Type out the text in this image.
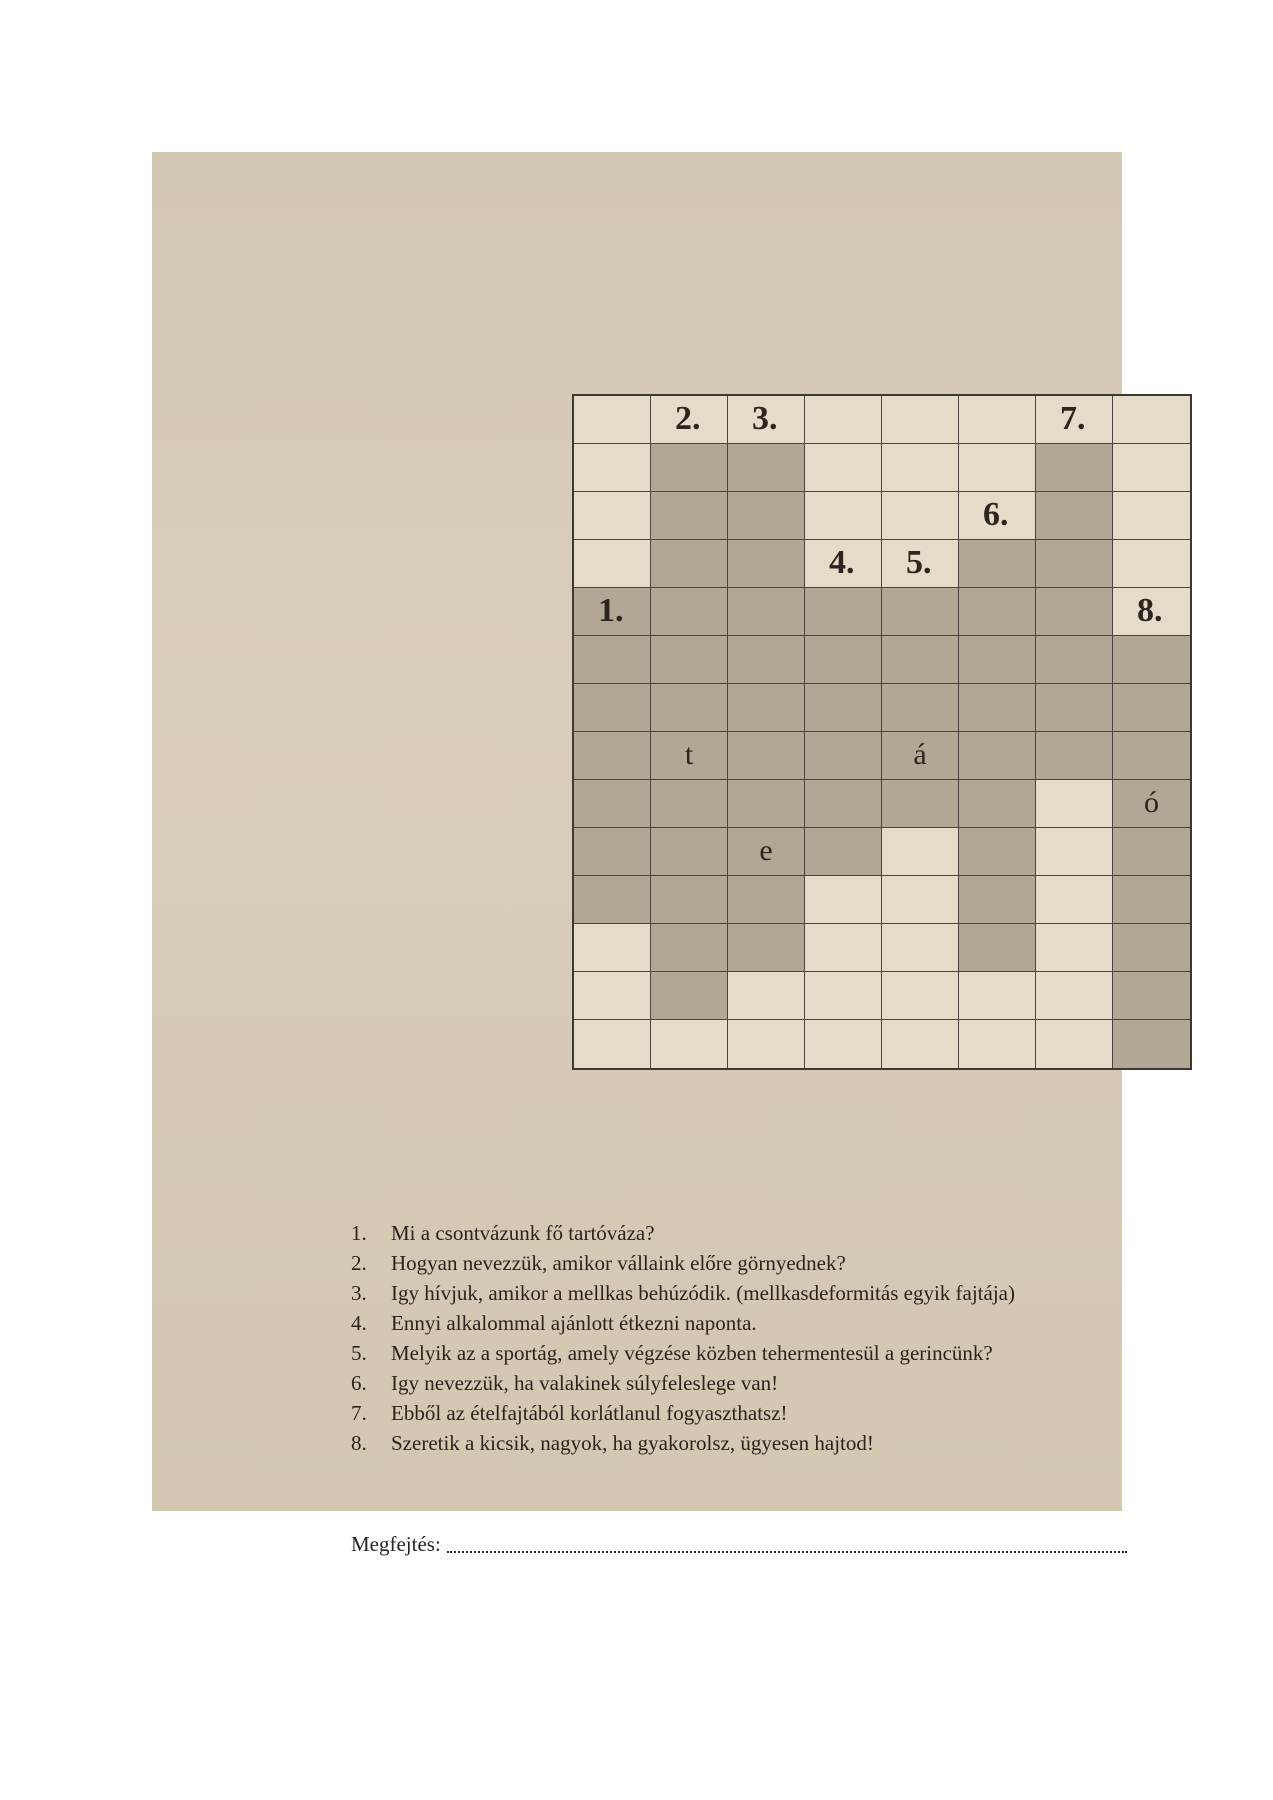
2. 3.	7.
6.
4. 5.
1.	8.
t	á
ó
e
1. Mi a csontvázunk fő tartóváza?
2. Hogyan nevezzük, amikor vállaink előre görnyednek?
3. Igy hívjuk, amikor a mellkas behúzódik. (mellkasdeformitás egyik fajtája)
4. Ennyi alkalommal ajánlott étkezni naponta.
5. Melyik az a sportág, amely végzése közben tehermentesül a gerincünk?
6. Igy nevezzük, ha valakinek súlyfeleslege van!
7. Ebből az ételfajtából korlátlanul fogyaszthatsz!
8. Szeretik a kicsik, nagyok, ha gyakorolsz, ügyesen hajtod!
Megfejtés:
